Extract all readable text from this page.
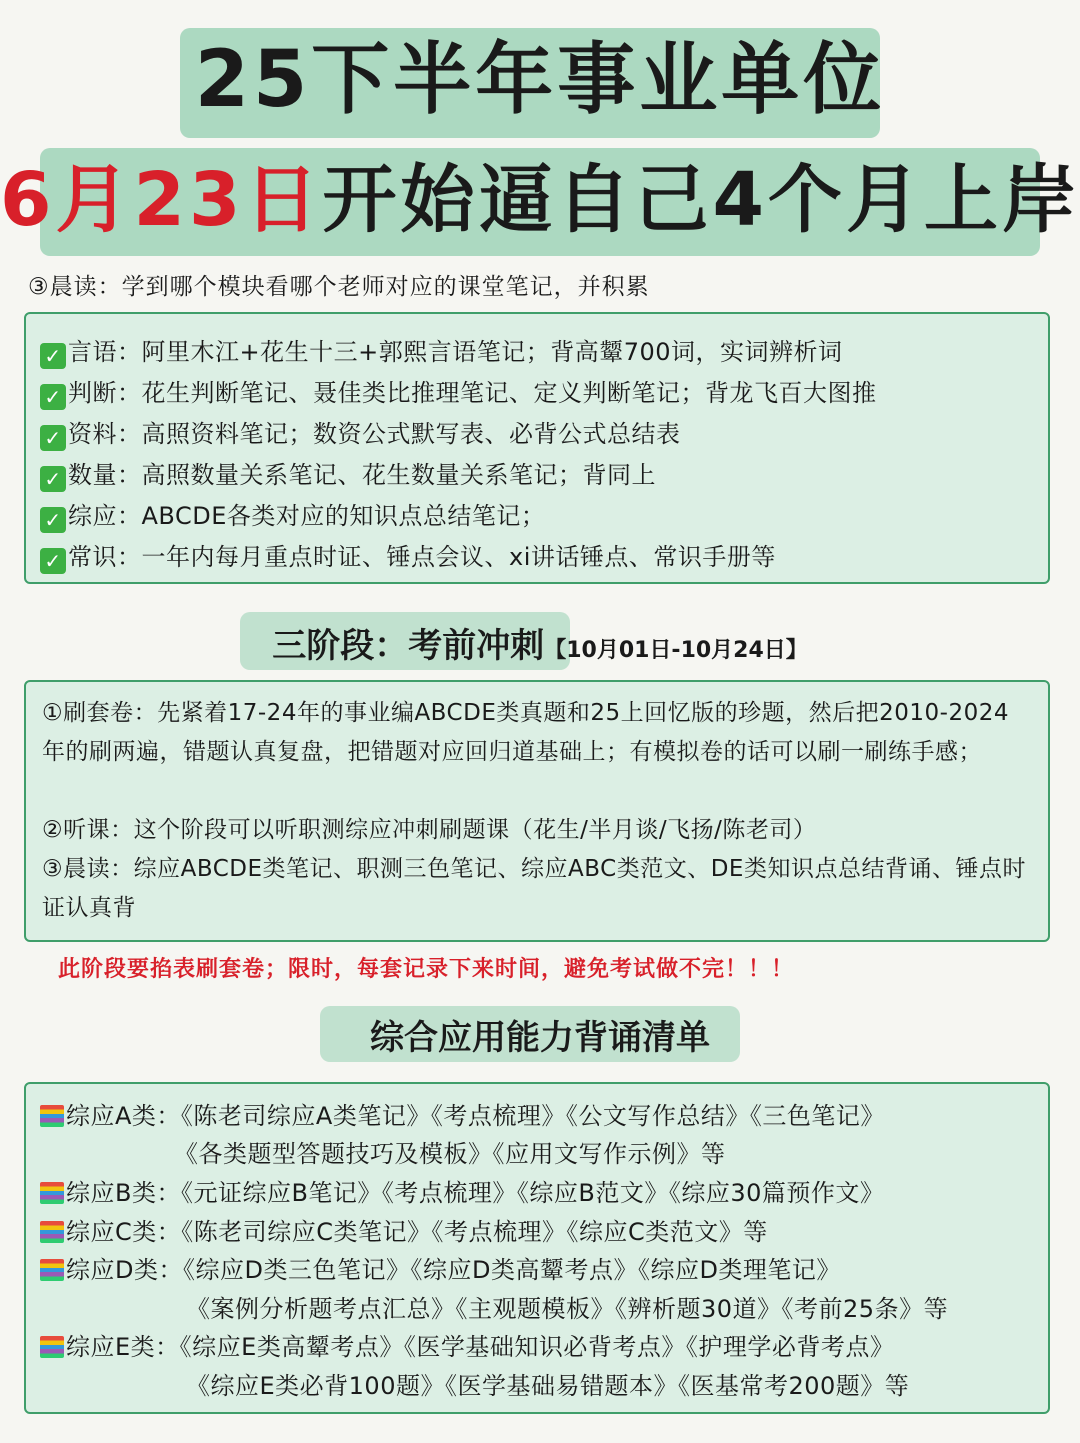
25下半年事业单位
6月23日开始逼自己4个月上岸
③晨读：学到哪个模块看哪个老师对应的课堂笔记，并积累
✓ 言语：阿里木江+花生十三+郭熙言语笔记；背高颦700词，实词辨析词
✓ 判断：花生判断笔记、聂佳类比推理笔记、定义判断笔记；背龙飞百大图推
✓ 资料：高照资料笔记；数资公式默写表、必背公式总结表
✓ 数量：高照数量关系笔记、花生数量关系笔记；背同上
✓ 综应：ABCDE各类对应的知识点总结笔记；
✓ 常识：一年内每月重点时证、锤点会议、xi讲话锤点、常识手册等
三阶段：考前冲刺【10月01日-10月24日】
①刷套卷：先紧着17-24年的事业编ABCDE类真题和25上回忆版的珍题，然后把2010-2024年的刷两遍，错题认真复盘，把错题对应回归道基础上；有模拟卷的话可以刷一刷练手感；
②听课：这个阶段可以听职测综应冲刺刷题课（花生/半月谈/飞扬/陈老司）
③晨读：综应ABCDE类笔记、职测三色笔记、综应ABC类范文、DE类知识点总结背诵、锤点时证认真背
此阶段要掐表刷套卷；限时，每套记录下来时间，避免考试做不完！！！
综合应用能力背诵清单
综应A类：《陈老司综应A类笔记》《考点梳理》《公文写作总结》《三色笔记》
《各类题型答题技巧及模板》《应用文写作示例》等
综应B类：《元证综应B笔记》《考点梳理》《综应B范文》《综应30篇预作文》
综应C类：《陈老司综应C类笔记》《考点梳理》《综应C类范文》等
综应D类：《综应D类三色笔记》《综应D类高颦考点》《综应D类理笔记》
《案例分析题考点汇总》《主观题模板》《辨析题30道》《考前25条》等
综应E类：《综应E类高颦考点》《医学基础知识必背考点》《护理学必背考点》
《综应E类必背100题》《医学基础易错题本》《医基常考200题》等
